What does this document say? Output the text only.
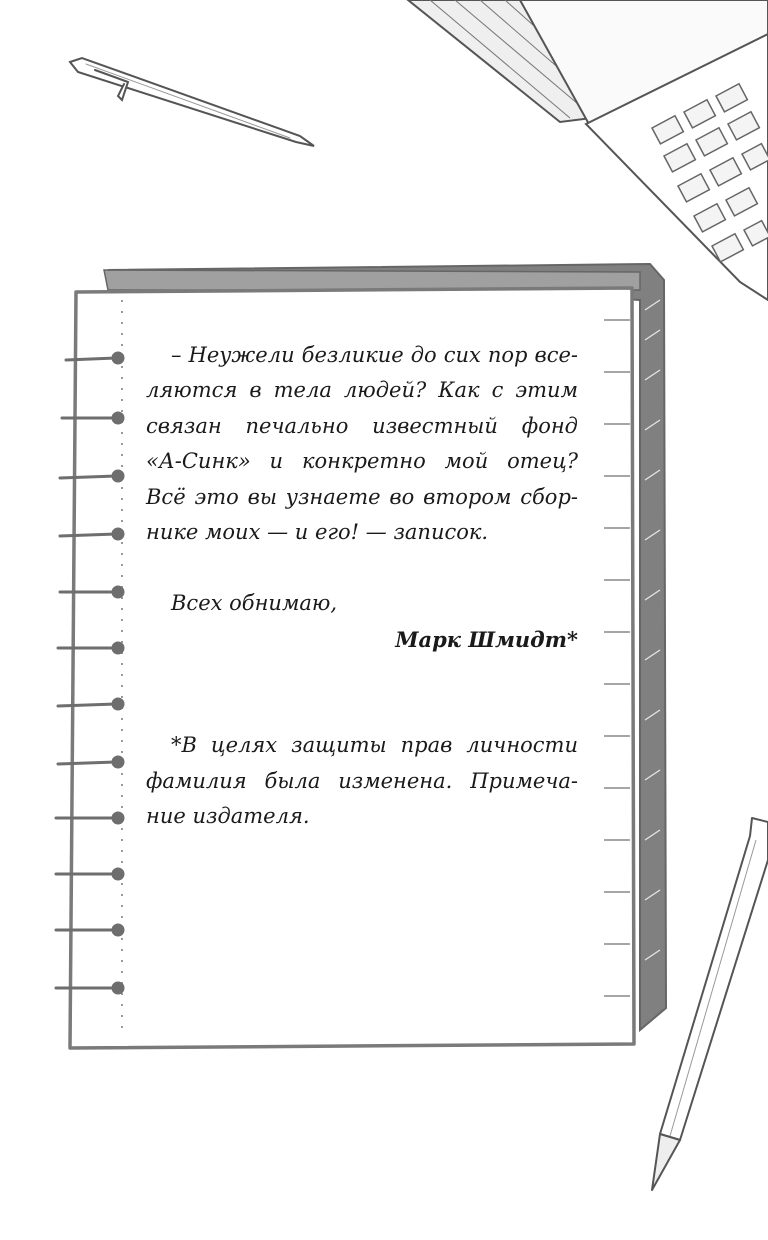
– Неужели безликие до сих пор все-
ляются в тела людей? Как с этим
связан печально известный фонд
«А-Синк» и конкретно мой отец?
Всё это вы узнаете во втором сбор-
нике моих — и его! — записок.

Всех обнимаю,

Марк Шмидт*

*В целях защиты прав личности
фамилия была изменена. Примеча-
ние издателя.
